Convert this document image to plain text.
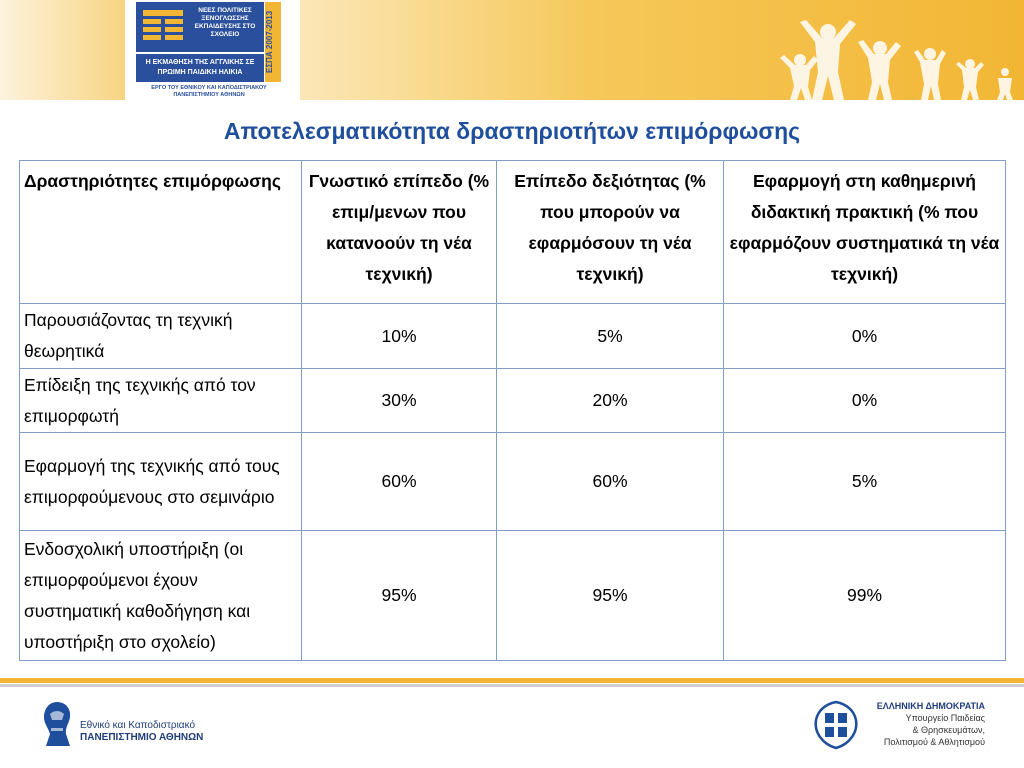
ΝΕΕΣ ΠΟΛΙΤΙΚΕΣ ΞΕΝΟΓΛΩΣΣΗΣ ΕΚΠΑΙΔΕΥΣΗΣ ΣΤΟ ΣΧΟΛΕΙΟ	ΕΣΠΑ 2007-2013
Η ΕΚΜΑΘΗΣΗ ΤΗΣ ΑΓΓΛΙΚΗΣ ΣΕ ΠΡΩΙΜΗ ΠΑΙΔΙΚΗ ΗΛΙΚΙΑ
ΕΡΓΟ ΤΟΥ ΕΘΝΙΚΟΥ ΚΑΙ ΚΑΠΟΔΙΣΤΡΙΑΚΟΥ ΠΑΝΕΠΙΣΤΗΜΙΟΥ ΑΘΗΝΩΝ
Αποτελεσματικότητα δραστηριοτήτων επιμόρφωσης
Δραστηριότητες επιμόρφωσης	Γνωστικό επίπεδο (% επιμ/μενων που κατανοούν τη νέα τεχνική)	Επίπεδο δεξιότητας (% που μπορούν να εφαρμόσουν τη νέα τεχνική)	Εφαρμογή στη καθημερινή διδακτική πρακτική (% που εφαρμόζουν συστηματικά τη νέα τεχνική)
Παρουσιάζοντας τη τεχνική θεωρητικά	10%	5%	0%
Επίδειξη της τεχνικής από τον επιμορφωτή	30%	20%	0%
Εφαρμογή της τεχνικής από τους επιμορφούμενους στο σεμινάριο	60%	60%	5%
Ενδοσχολική υποστήριξη (οι επιμορφούμενοι έχουν συστηματική καθοδήγηση και υποστήριξη στο σχολείο)	95%	95%	99%
Εθνικό και Καποδιστριακό
ΠΑΝΕΠΙΣΤΗΜΙΟ ΑΘΗΝΩΝ
ΕΛΛΗΝΙΚΗ ΔΗΜΟΚΡΑΤΙΑ
Υπουργείο Παιδείας
& Θρησκευμάτων,
Πολιτισμού & Αθλητισμού
